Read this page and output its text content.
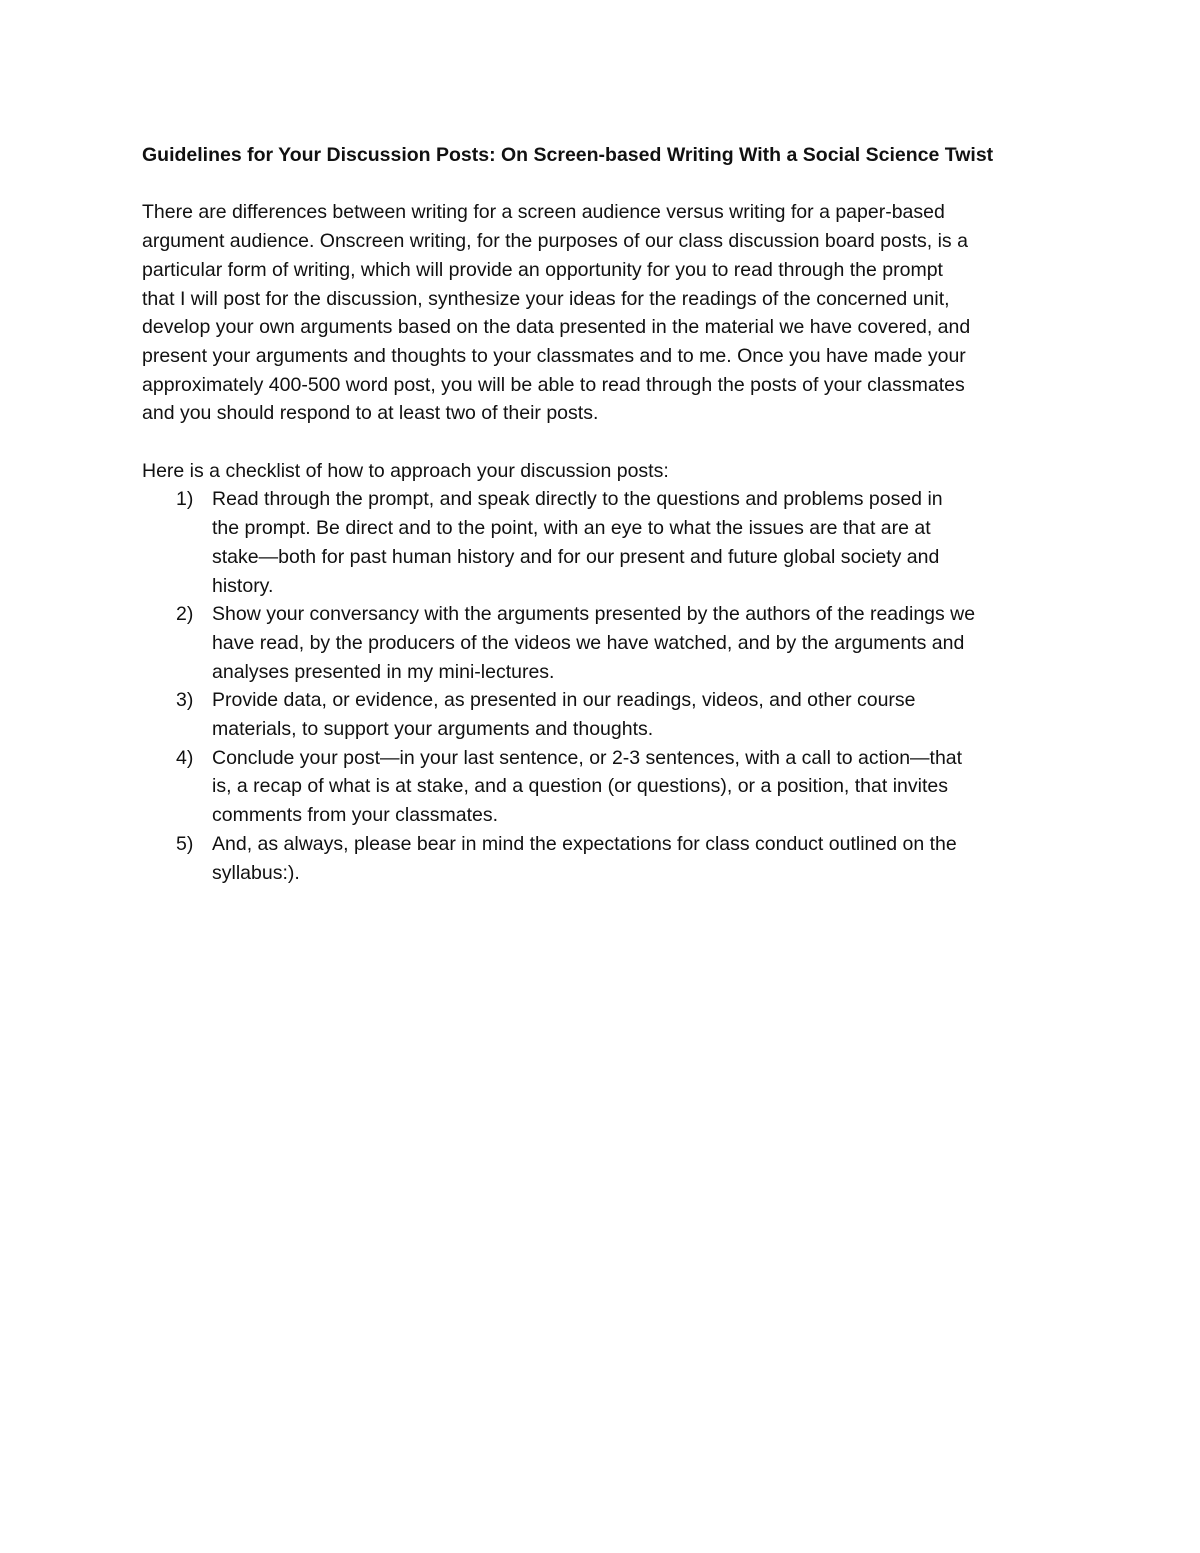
Guidelines for Your Discussion Posts: On Screen-based Writing With a Social Science Twist

There are differences between writing for a screen audience versus writing for a paper-based
argument audience. Onscreen writing, for the purposes of our class discussion board posts, is a
particular form of writing, which will provide an opportunity for you to read through the prompt
that I will post for the discussion, synthesize your ideas for the readings of the concerned unit,
develop your own arguments based on the data presented in the material we have covered, and
present your arguments and thoughts to your classmates and to me. Once you have made your
approximately 400-500 word post, you will be able to read through the posts of your classmates
and you should respond to at least two of their posts.

Here is a checklist of how to approach your discussion posts:

1) Read through the prompt, and speak directly to the questions and problems posed in
the prompt. Be direct and to the point, with an eye to what the issues are that are at
stake—both for past human history and for our present and future global society and
history.
2) Show your conversancy with the arguments presented by the authors of the readings we
have read, by the producers of the videos we have watched, and by the arguments and
analyses presented in my mini-lectures.
3) Provide data, or evidence, as presented in our readings, videos, and other course
materials, to support your arguments and thoughts.
4) Conclude your post—in your last sentence, or 2-3 sentences, with a call to action—that
is, a recap of what is at stake, and a question (or questions), or a position, that invites
comments from your classmates.
5) And, as always, please bear in mind the expectations for class conduct outlined on the
syllabus:).
